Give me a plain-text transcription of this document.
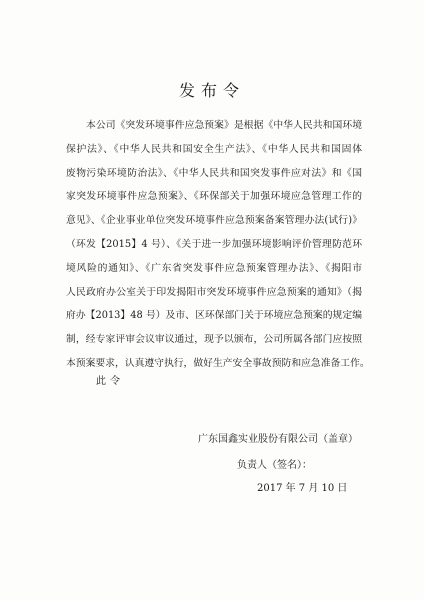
发布令
本公司《突发环境事件应急预案》是根据《中华人民共和国环境
保护法》、《中华人民共和国安全生产法》、《中华人民共和国固体
废物污染环境防治法》、《中华人民共和国突发事件应对法》和《国
家突发环境事件应急预案》、《环保部关于加强环境应急管理工作的
意见》、《企业事业单位突发环境事件应急预案备案管理办法(试行)》
（环发【2015】4 号）、《关于进一步加强环境影响评价管理防范环
境风险的通知》、《广东省突发事件应急预案管理办法》、《揭阳市
人民政府办公室关于印发揭阳市突发环境事件应急预案的通知》（揭
府办【2013】48 号）及市、区环保部门关于环境应急预案的规定编
制，经专家评审会议审议通过，现予以颁布，公司所属各部门应按照
本预案要求，认真遵守执行，做好生产安全事故预防和应急准备工作。
此令
广东国鑫实业股份有限公司（盖章）
负责人（签名）：
2017 年 7 月 10 日
